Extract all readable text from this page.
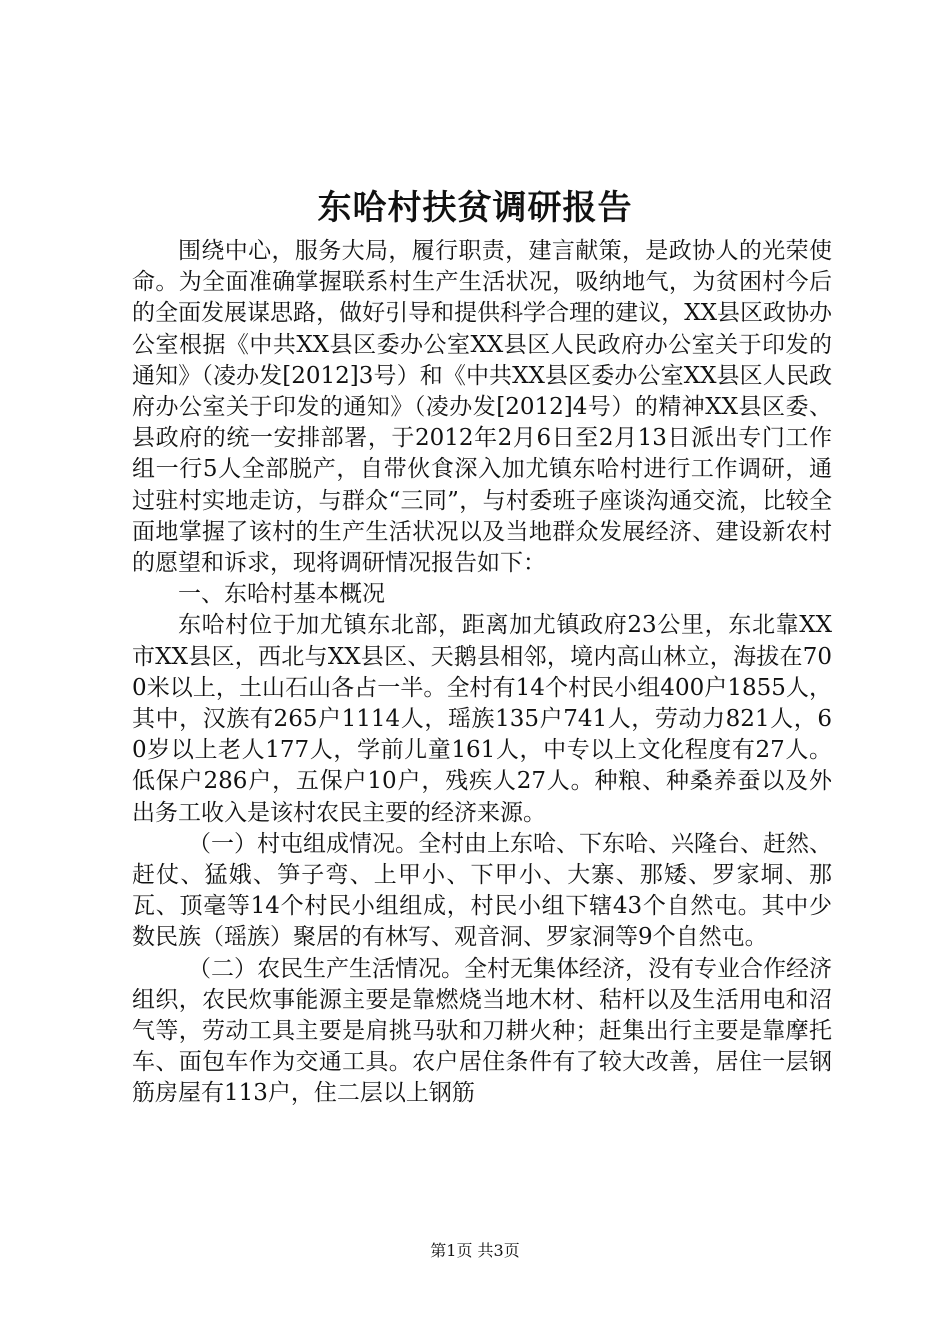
东哈村扶贫调研报告

围绕中心，服务大局，履行职责，建言献策，是政协人的光荣使命。为全面准确掌握联系村生产生活状况，吸纳地气，为贫困村今后的全面发展谋思路，做好引导和提供科学合理的建议，XX县区政协办公室根据《中共XX县区委办公室XX县区人民政府办公室关于印发的通知》（凌办发[2012]3号）和《中共XX县区委办公室XX县区人民政府办公室关于印发的通知》（凌办发[2012]4号）的精神XX县区委、县政府的统一安排部署，于2012年2月6日至2月13日派出专门工作组一行5人全部脱产，自带伙食深入加尤镇东哈村进行工作调研，通过驻村实地走访，与群众“三同”，与村委班子座谈沟通交流，比较全面地掌握了该村的生产生活状况以及当地群众发展经济、建设新农村的愿望和诉求，现将调研情况报告如下：

一、东哈村基本概况

东哈村位于加尤镇东北部，距离加尤镇政府23公里，东北靠XX市XX县区，西北与XX县区、天鹅县相邻，境内高山林立，海拔在700米以上，土山石山各占一半。全村有14个村民小组400户1855人，其中，汉族有265户1114人，瑶族135户741人，劳动力821人，60岁以上老人177人，学前儿童161人，中专以上文化程度有27人。低保户286户，五保户10户，残疾人27人。种粮、种桑养蚕以及外出务工收入是该村农民主要的经济来源。

（一）村屯组成情况。全村由上东哈、下东哈、兴隆台、赶然、赶仗、猛娥、笋子弯、上甲小、下甲小、大寨、那矮、罗家垌、那瓦、顶毫等14个村民小组组成，村民小组下辖43个自然屯。其中少数民族（瑶族）聚居的有林写、观音洞、罗家洞等9个自然屯。

（二）农民生产生活情况。全村无集体经济，没有专业合作经济组织，农民炊事能源主要是靠燃烧当地木材、秸杆以及生活用电和沼气等，劳动工具主要是肩挑马驮和刀耕火种；赶集出行主要是靠摩托车、面包车作为交通工具。农户居住条件有了较大改善，居住一层钢筋房屋有113户，住二层以上钢筋

第1页 共3页
